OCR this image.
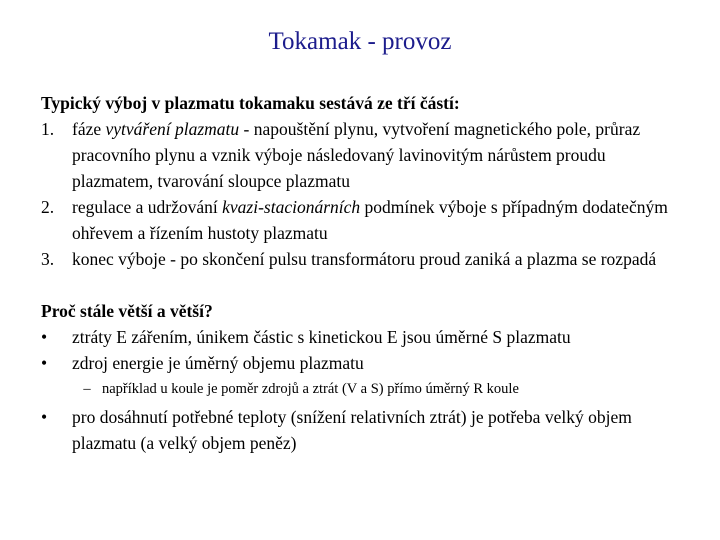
Tokamak - provoz
Typický výboj v plazmatu tokamaku sestává ze tří částí:
1.	fáze vytváření plazmatu - napouštění plynu, vytvoření magnetického pole, průraz pracovního plynu a vznik výboje následovaný lavinovitým nárůstem proudu plazmatem, tvarování sloupce plazmatu
2.	regulace a udržování kvazi-stacionárních podmínek výboje s případným dodatečným ohřevem a řízením hustoty plazmatu
3.	konec výboje - po skončení pulsu transformátoru proud zaniká a plazma se rozpadá
Proč stále větší a větší?
•	ztráty E zářením, únikem částic s kinetickou E jsou úměrné S plazmatu
•	zdroj energie je úměrný objemu plazmatu
– například u koule je poměr zdrojů a ztrát (V a S) přímo úměrný R koule
•	pro dosáhnutí potřebné teploty (snížení relativních ztrát) je potřeba velký objem plazmatu (a velký objem peněz)
